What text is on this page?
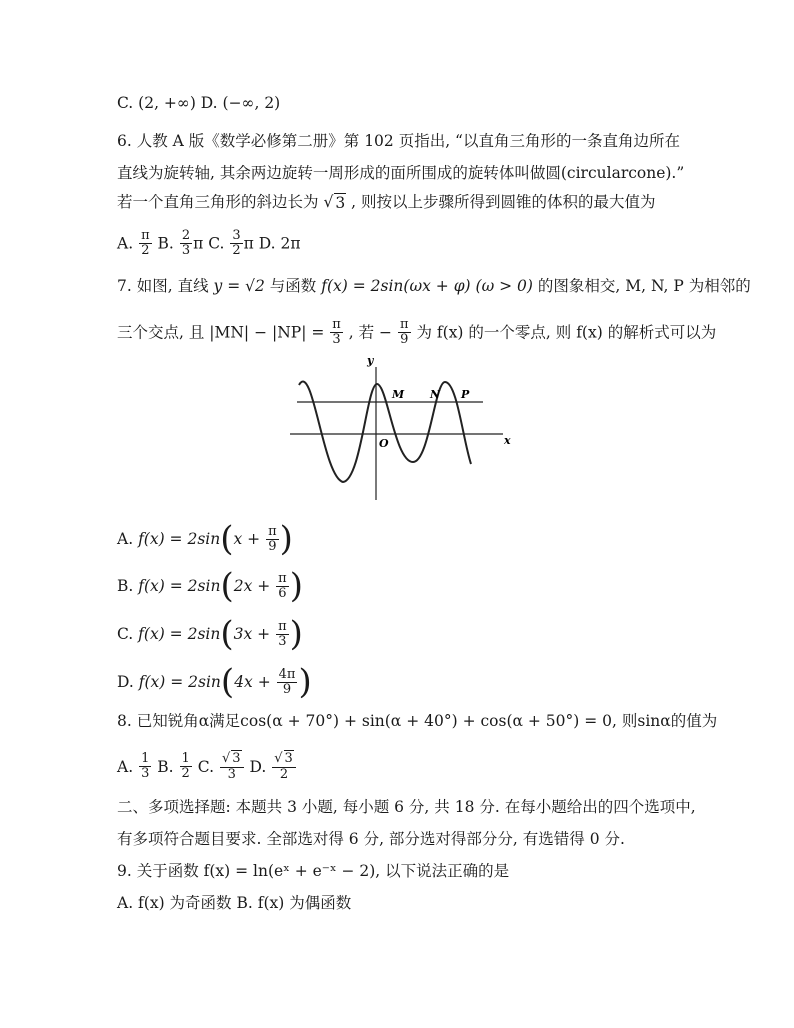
C. (2, +∞) D. (−∞, 2)
6. 人教 A 版《数学必修第二册》第 102 页指出, “以直角三角形的一条直角边所在
直线为旋转轴, 其余两边旋转一周形成的面所围成的旋转体叫做圆(circularcone).”
若一个直角三角形的斜边长为 √ 3 , 则按以上步骤所得到圆锥的体积的最大值为
A. $\frac{\pi}{2} B$. $\frac{2}{3}$ π C. $\frac{3}{2}$ π D. 2π
7. 如图, 直线 y = √2 与函数 f(x) = 2sin(ωx + φ) (ω > 0) 的图象相交, M, N, P 为相邻的
三个交点, 且 $|MN| - |NP| = \frac{\pi}{3}$ , 若 − $\frac{\pi}{9}$ 为 f(x) 的一个零点, 则 f(x) 的解析式可以为
y
x
O
M N P
A. $f(x) = 2\sin(x + \frac{\pi}{9}$ )
B. $f(x) = 2\sin(2x + \frac{\pi}{6}$ )
C. $f(x) = 2\sin(3x + \frac{\pi}{3}$ )
D. $f(x) = 2\sin(4x + \frac{4\pi}{9}$ )
8. 已知锐角α满足cos(α + 70°) + sin(α + 40°) + cos(α + 50°) = 0, 则sinα的值为
A. $\frac{1}{3} B$. $\frac{1}{2} C$. $\frac{√ 3}{3} D$. $\frac{√ 3}{2}$
二、多项选择题: 本题共 3 小题, 每小题 6 分, 共 18 分. 在每小题给出的四个选项中,
有多项符合题目要求. 全部选对得 6 分, 部分选对得部分分, 有选错得 0 分.
9. 关于函数 f(x) = ln(eˣ + e⁻ˣ − 2), 以下说法正确的是
A. f(x) 为奇函数 B. f(x) 为偶函数
